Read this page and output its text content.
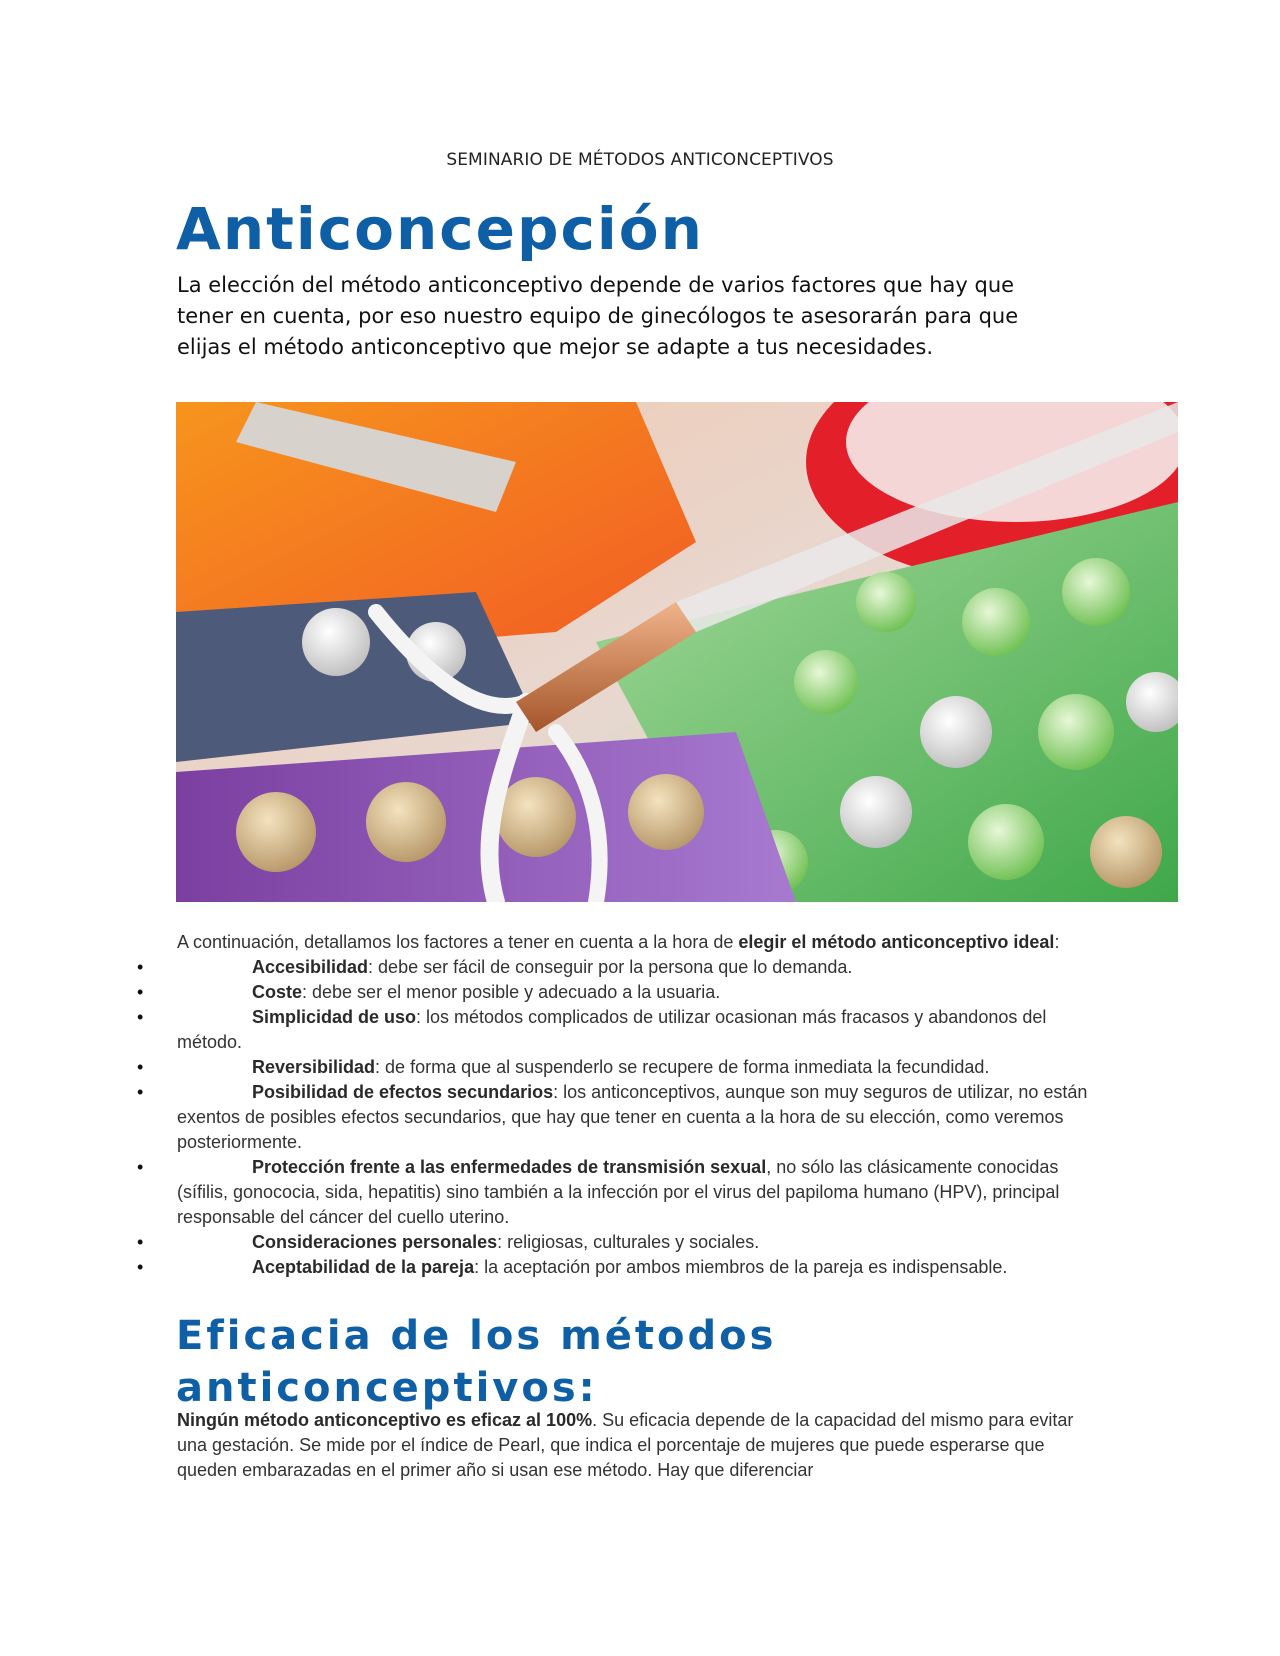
SEMINARIO DE MÉTODOS ANTICONCEPTIVOS
Anticoncepción

La elección del método anticonceptivo depende de varios factores que hay que tener en cuenta, por eso nuestro equipo de ginecólogos te asesorarán para que elijas el método anticonceptivo que mejor se adapte a tus necesidades.

A continuación, detallamos los factores a tener en cuenta a la hora de elegir el método anticonceptivo ideal:

•	Accesibilidad: debe ser fácil de conseguir por la persona que lo demanda.
•	Coste: debe ser el menor posible y adecuado a la usuaria.
•	Simplicidad de uso: los métodos complicados de utilizar ocasionan más fracasos y abandonos del método.
•	Reversibilidad: de forma que al suspenderlo se recupere de forma inmediata la fecundidad.
•	Posibilidad de efectos secundarios: los anticonceptivos, aunque son muy seguros de utilizar, no están exentos de posibles efectos secundarios, que hay que tener en cuenta a la hora de su elección, como veremos posteriormente.
•	Protección frente a las enfermedades de transmisión sexual, no sólo las clásicamente conocidas (sífilis, gonococia, sida, hepatitis) sino también a la infección por el virus del papiloma humano (HPV), principal responsable del cáncer del cuello uterino.
•	Consideraciones personales: religiosas, culturales y sociales.
•	Aceptabilidad de la pareja: la aceptación por ambos miembros de la pareja es indispensable.
Eficacia de los métodos anticonceptivos:

Ningún método anticonceptivo es eficaz al 100%. Su eficacia depende de la capacidad del mismo para evitar una gestación. Se mide por el índice de Pearl, que indica el porcentaje de mujeres que puede esperarse que queden embarazadas en el primer año si usan ese método. Hay que diferenciar
